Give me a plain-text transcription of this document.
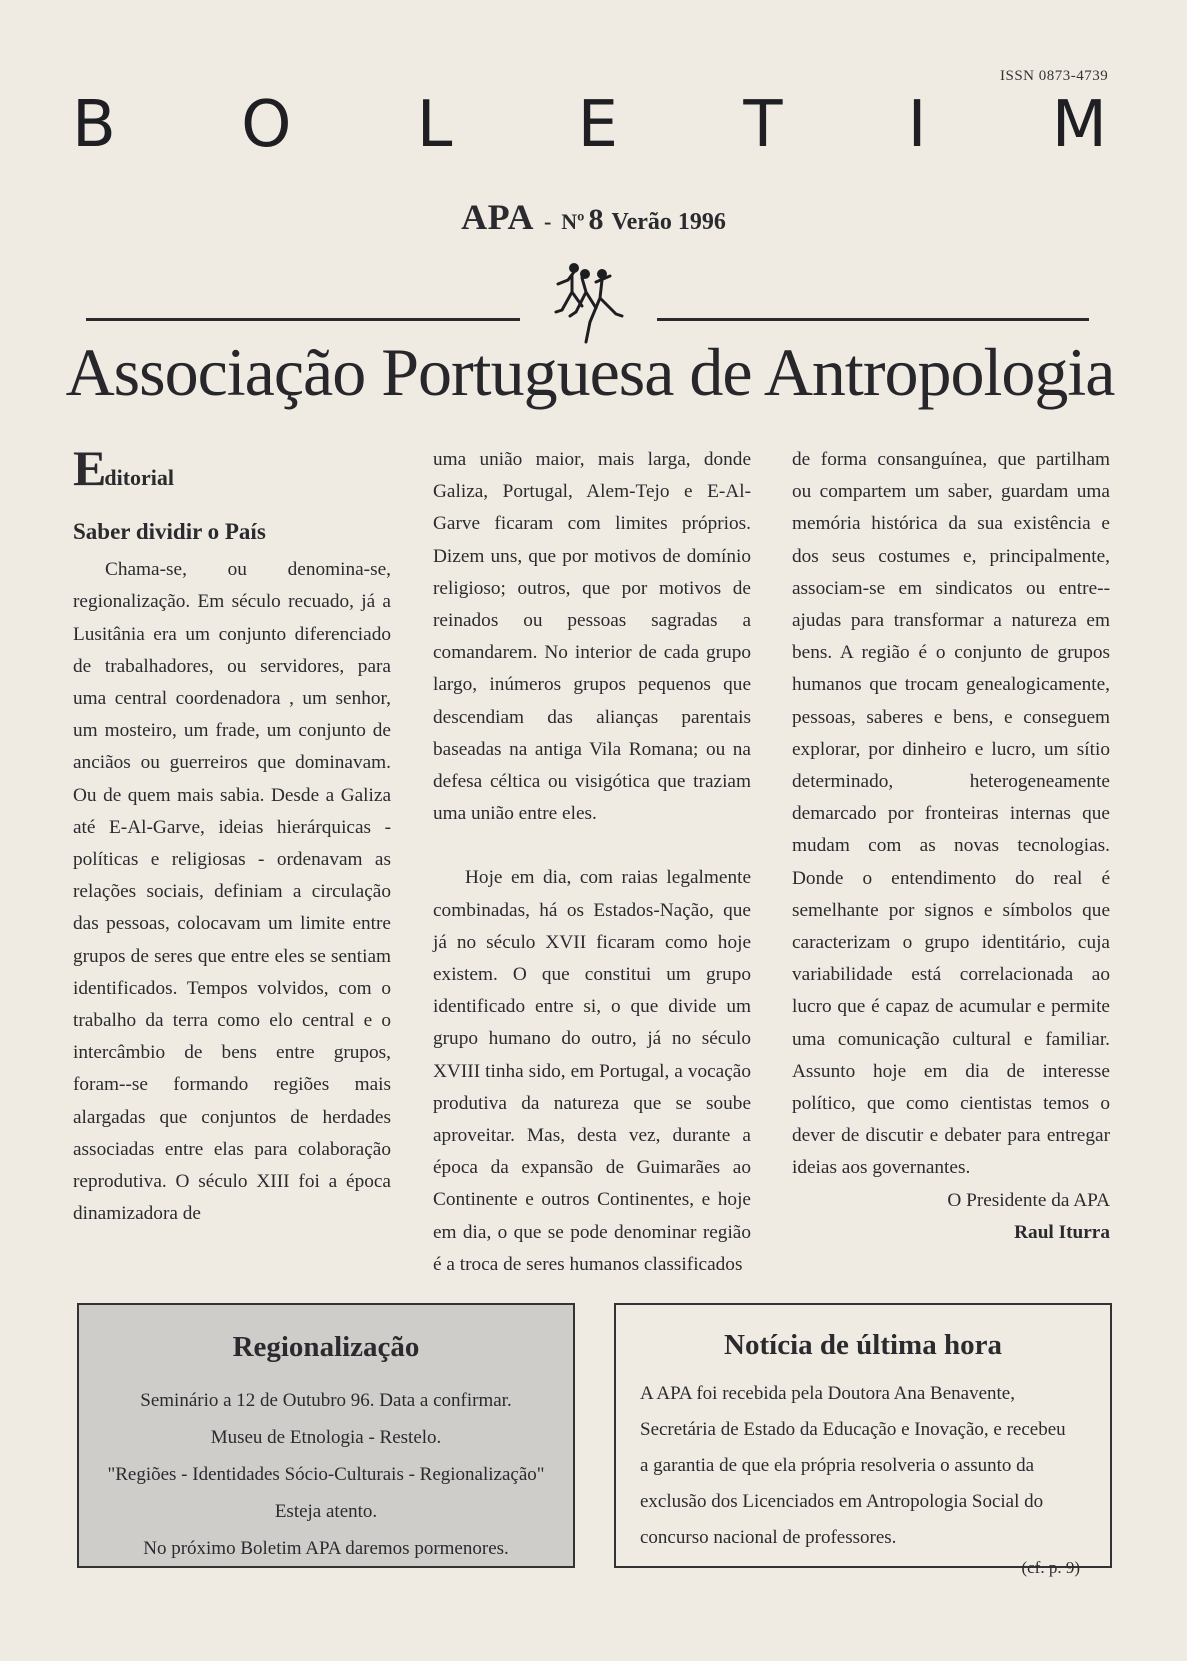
ISSN 0873-4739
B O L E T I M
APA - Nº 8 Verão 1996
Associação Portuguesa de Antropologia
Editorial
Saber dividir o País

Chama-se, ou denomina-se, regionalização. Em século recuado, já a Lusitânia era um conjunto diferenciado de trabalhadores, ou servidores, para uma central coordenadora , um senhor, um mosteiro, um frade, um conjunto de anciãos ou guerreiros que dominavam. Ou de quem mais sabia. Desde a Galiza até E-Al-Garve, ideias hierárquicas - políticas e religiosas - ordenavam as relações sociais, definiam a circulação das pessoas, colocavam um limite entre grupos de seres que entre eles se sentiam identificados. Tempos volvidos, com o trabalho da terra como elo central e o intercâmbio de bens entre grupos, foram--se formando regiões mais alargadas que conjuntos de herdades associadas entre elas para colaboração reprodutiva. O século XIII foi a época dinamizadora de

uma união maior, mais larga, donde Galiza, Portugal, Alem-Tejo e E-Al-Garve ficaram com limites próprios. Dizem uns, que por motivos de domínio religioso; outros, que por motivos de reinados ou pessoas sagradas a comandarem. No interior de cada grupo largo, inúmeros grupos pequenos que descendiam das alianças parentais baseadas na antiga Vila Romana; ou na defesa céltica ou visigótica que traziam uma união entre eles.

Hoje em dia, com raias legalmente combinadas, há os Estados-Nação, que já no século XVII ficaram como hoje existem. O que constitui um grupo identificado entre si, o que divide um grupo humano do outro, já no século XVIII tinha sido, em Portugal, a vocação produtiva da natureza que se soube aproveitar. Mas, desta vez, durante a época da expansão de Guimarães ao Continente e outros Continentes, e hoje em dia, o que se pode denominar região é a troca de seres humanos classificados

de forma consanguínea, que partilham ou compartem um saber, guardam uma memória histórica da sua existência e dos seus costumes e, principalmente, associam-se em sindicatos ou entre--ajudas para transformar a natureza em bens. A região é o conjunto de grupos humanos que trocam genealogicamente, pessoas, saberes e bens, e conseguem explorar, por dinheiro e lucro, um sítio determinado, heterogeneamente demarcado por fronteiras internas que mudam com as novas tecnologias. Donde o entendimento do real é semelhante por signos e símbolos que caracterizam o grupo identitário, cuja variabilidade está correlacionada ao lucro que é capaz de acumular e permite uma comunicação cultural e familiar. Assunto hoje em dia de interesse político, que como cientistas temos o dever de discutir e debater para entregar ideias aos governantes.

O Presidente da APA
Raul Iturra
Regionalização
Seminário a 12 de Outubro 96. Data a confirmar.
Museu de Etnologia - Restelo.
"Regiões - Identidades Sócio-Culturais - Regionalização"
Esteja atento.
No próximo Boletim APA daremos pormenores.
Notícia de última hora
A APA foi recebida pela Doutora Ana Benavente,
Secretária de Estado da Educação e Inovação, e recebeu
a garantia de que ela própria resolveria o assunto da
exclusão dos Licenciados em Antropologia Social do
concurso nacional de professores.
(cf. p. 9)
